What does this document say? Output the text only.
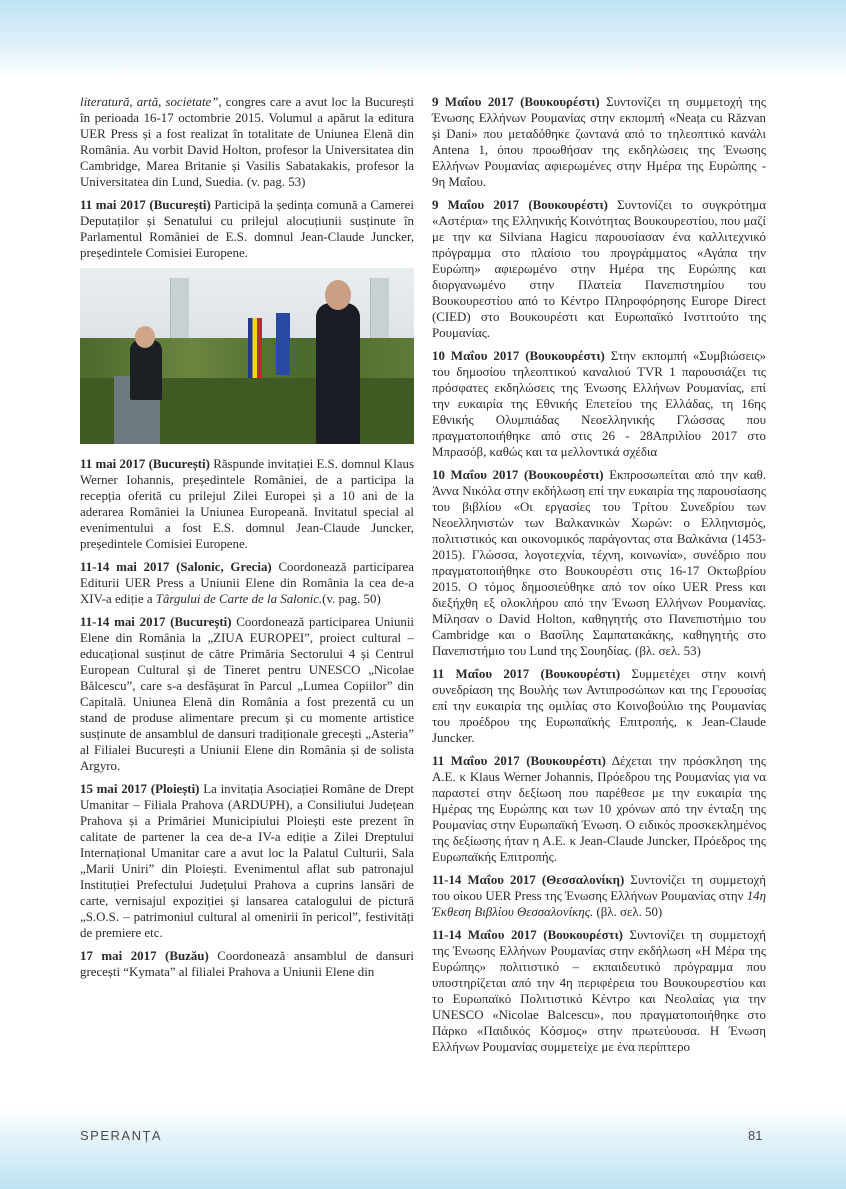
literatură, artă, societate”, congres care a avut loc la București în perioada 16-17 octombrie 2015. Volumul a apărut la editura UER Press și a fost realizat în totalitate de Uniunea Elenă din România. Au vorbit David Holton, profesor la Universitatea din Cambridge, Marea Britanie și Vasilis Sabatakakis, profesor la Universitatea din Lund, Suedia. (v. pag. 53)

11 mai 2017 (București) Participă la ședința comună a Camerei Deputaților și Senatului cu prilejul alocuțiunii susținute în Parlamentul României de E.S. domnul Jean-Claude Juncker, președintele Comisiei Europene.

11 mai 2017 (București) Răspunde invitației E.S. domnul Klaus Werner Iohannis, președintele României, de a participa la recepția oferită cu prilejul Zilei Europei și a 10 ani de la aderarea României la Uniunea Europeană. Invitatul special al evenimentului a fost E.S. domnul Jean-Claude Juncker, președintele Comisiei Europene.

11-14 mai 2017 (Salonic, Grecia) Coordonează participarea Editurii UER Press a Uniunii Elene din România la cea de-a XIV-a ediție a Târgului de Carte de la Salonic.(v. pag. 50)

11-14 mai 2017 (București) Coordonează participarea Uniunii Elene din România la „ZIUA EUROPEI”, proiect cultural – educațional susținut de către Primăria Sectorului 4 și Centrul European Cultural și de Tineret pentru UNESCO „Nicolae Bălcescu”, care s-a desfășurat în Parcul „Lumea Copiilor” din Capitală. Uniunea Elenă din România a fost prezentă cu un stand de produse alimentare precum și cu momente artistice susținute de ansamblul de dansuri tradiționale grecești „Asteria” al Filialei București a Uniunii Elene din România și de solista Argyro.

15 mai 2017 (Ploiești) La invitația Asociației Române de Drept Umanitar – Filiala Prahova (ARDUPH), a Consiliului Județean Prahova și a Primăriei Municipiului Ploiești este prezent în calitate de partener la cea de-a IV-a ediție a Zilei Dreptului Internațional Umanitar care a avut loc la Palatul Culturii, Sala „Marii Uniri” din Ploiești. Evenimentul aflat sub patronajul Instituției Prefectului Județului Prahova a cuprins lansări de carte, vernisajul expoziției și lansarea catalogului de pictură „S.O.S. – patrimoniul cultural al omenirii în pericol”, festivități de premiere etc.

17 mai 2017 (Buzău) Coordonează ansamblul de dansuri grecești “Kymata” al filialei Prahova a Uniunii Elene din

9 Μαΐου 2017 (Βουκουρέστι) Συντονίζει τη συμμετοχή της Ένωσης Ελλήνων Ρουμανίας στην εκπομπή «Neața cu Răzvan și Dani» που μεταδόθηκε ζωντανά από το τηλεοπτικό κανάλι Antena 1, όπου προωθήσαν της εκδηλώσεις της Ένωσης Ελλήνων Ρουμανίας αφιερωμένες στην Ημέρα της Ευρώπης - 9η Μαΐου.

9 Μαΐου 2017 (Βουκουρέστι) Συντονίζει το συγκρότημα «Αστέρια» της Ελληνικής Κοινότητας Βουκουρεστίου, που μαζί με την κα Silviana Hagicu παρουσίασαν ένα καλλιτεχνικό πρόγραμμα στο πλαίσιο του προγράμματος «Αγάπα την Ευρώπη» αφιερωμένο στην Ημέρα της Ευρώπης και διοργανωμένο στην Πλατεία Πανεπιστημίου του Βουκουρεστίου από το Κέντρο Πληροφόρησης Europe Direct (CIED) στο Βουκουρέστι και Ευρωπαϊκό Ινστιτούτο της Ρουμανίας.

10 Μαΐου 2017 (Βουκουρέστι) Στην εκπομπή «Συμβιώσεις» του δημοσίου τηλεοπτικού καναλιού TVR 1 παρουσιάζει τις πρόσφατες εκδηλώσεις της Ένωσης Ελλήνων Ρουμανίας, επί την ευκαιρία της Εθνικής Επετείου της Ελλάδας, τη 16ης Εθνικής Ολυμπιάδας Νεοελληνικής Γλώσσας που πραγματοποιήθηκε από στις 26 - 28Απριλίου 2017 στο Μπρασόβ, καθώς και τα μελλοντικά σχέδια

10 Μαΐου 2017 (Βουκουρέστι) Εκπροσωπείται από την καθ. Άννα Νικόλα στην εκδήλωση επί την ευκαιρία της παρουσίασης του βιβλίου «Οι εργασίες του Τρίτου Συνεδρίου των Νεοελληνιστών των Βαλκανικών Χωρών: ο Ελληνισμός, πολιτιστικός και οικονομικός παράγοντας στα Βαλκάνια (1453-2015). Γλώσσα, λογοτεχνία, τέχνη, κοινωνία», συνέδριο που πραγματοποιήθηκε στο Βουκουρέστι στις 16-17 Οκτωβρίου 2015. Ο τόμος δημοσιεύθηκε από τον οίκο UER Press και διεξήχθη εξ ολοκλήρου από την Ένωση Ελλήνων Ρουμανίας. Μίλησαν ο David Holton, καθηγητής στο Πανεπιστήμιο του Cambridge και ο Βασίλης Σαμπατακάκης, καθηγητής στο Πανεπιστήμιο του Lund της Σουηδίας. (βλ. σελ. 53)

11 Μαΐου 2017 (Βουκουρέστι) Συμμετέχει στην κοινή συνεδρίαση της Βουλής των Αντιπροσώπων και της Γερουσίας επί την ευκαιρία της ομιλίας στο Κοινοβούλιο της Ρουμανίας του προέδρου της Ευρωπαϊκής Επιτροπής, κ Jean-Claude Juncker.

11 Μαΐου 2017 (Βουκουρέστι) Δέχεται την πρόσκληση της Α.Ε. κ Klaus Werner Johannis, Πρόεδρου της Ρουμανίας για να παραστεί στην δεξίωση που παρέθεσε με την ευκαιρία της Ημέρας της Ευρώπης και των 10 χρόνων από την ένταξη της Ρουμανίας στην Ευρωπαϊκή Ένωση. Ο ειδικός προσκεκλημένος της δεξίωσης ήταν η Α.Ε. κ Jean-Claude Juncker, Πρόεδρος της Ευρωπαϊκής Επιτροπής.

11-14 Μαΐου 2017 (Θεσσαλονίκη) Συντονίζει τη συμμετοχή του οίκου UER Press της Ένωσης Ελλήνων Ρουμανίας στην 14η Έκθεση Βιβλίου Θεσσαλονίκης. (βλ. σελ. 50)

11-14 Μαΐου 2017 (Βουκουρέστι) Συντονίζει τη συμμετοχή της Ένωσης Ελλήνων Ρουμανίας στην εκδήλωση «Η Μέρα της Ευρώπης» πολιτιστικό – εκπαιδευτικό πρόγραμμα που υποστηρίζεται από την 4η περιφέρεια του Βουκουρεστίου και το Ευρωπαϊκό Πολιτιστικό Κέντρο και Νεολαίας για την UNESCO «Nicolae Balcescu», που πραγματοποιήθηκε στο Πάρκο «Παιδικός Κόσμος» στην πρωτεύουσα. Η Ένωση Ελλήνων Ρουμανίας συμμετείχε με ένα περίπτερο

SPERANȚA	81
